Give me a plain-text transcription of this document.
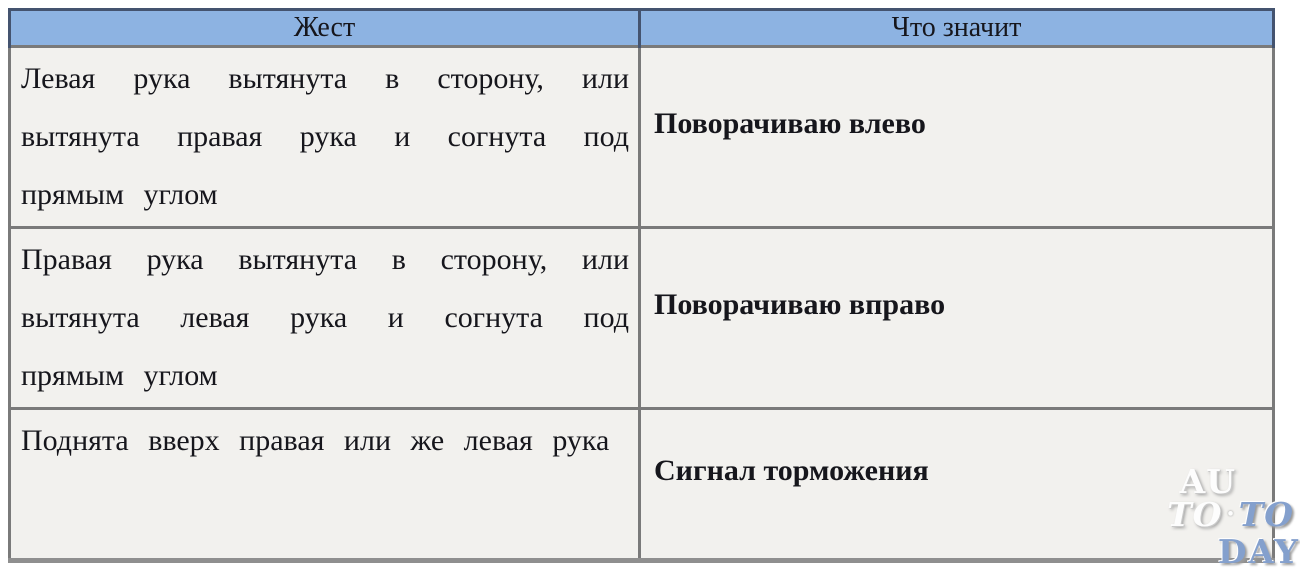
Жест	Что значит
Левая рука вытянута в сторону, или вытянута правая рука и согнута под прямым углом	Поворачиваю влево
Правая рука вытянута в сторону, или вытянута левая рука и согнута под прямым углом	Поворачиваю вправо
Поднята вверх правая или же левая рука	Сигнал торможения	AU
TO •TO
DAY
